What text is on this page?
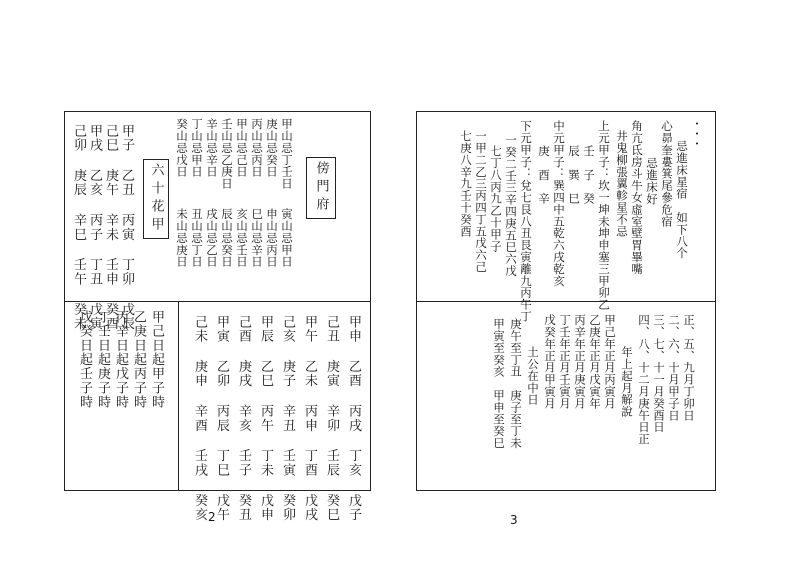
甲山忌丁壬日
庚山忌癸日
丙山忌丙日
甲山忌己日
壬山忌乙庚日
辛山忌辛日
丁山忌甲日
癸山忌戊日
寅山忌甲日
申山忌丙日
巳山忌辛日
亥山忌壬日
辰山忌癸日
戌山忌乙日
丑山忌丁日
未山忌庚日
傍門府
六十花甲
甲子 乙丑 丙寅 丁卯 戊辰
己巳 庚午 辛未 壬申 癸酉
甲戌 乙亥 丙子 丁丑 戊寅
己卯 庚辰 辛巳 壬午 癸未
甲申 乙酉 丙戌 丁亥 戊子
己丑 庚寅 辛卯 壬辰 癸巳
甲午 乙未 丙申 丁酉 戊戌
己亥 庚子 辛丑 壬寅 癸卯
甲辰 乙巳 丙午 丁未 戊申
己酉 庚戌 辛亥 壬子 癸丑
甲寅 乙卯 丙辰 丁巳 戊午
己未 庚申 辛酉 壬戌 癸亥
甲己日起甲子時
乙庚日起丙子時
丙辛日起戊子時
丁壬日起庚子時
戊癸日起壬子時
2
・・・
忌進床星宿　如下八个
心昴奎婁箕尾參危宿
忌進床好
角亢氐房斗牛女虛室壁胃畢嘴
井鬼柳張翼軫星不忌
上元甲子：坎一坤未坤申塞三甲卯乙
壬　子　癸
辰　巽　巳
中元甲子：巽四中五乾六戌乾亥
庚　酉　辛
下元甲子：兌七艮八丑艮寅離九丙午丁
一癸二壬三辛四庚五巳六戊
七丁八丙九乙十甲子
一甲二乙三丙四丁五戊六己
七庚八辛九壬十癸酉
正、五、九月丁卯日
二、六、十月甲子日
三、七、十一月癸酉日
四、八、十二月庚午日正
年上起月解說
甲己年正月丙寅月
乙庚年正月戊寅年
丙辛年正月庚寅月
丁壬年正月壬寅月
戊癸年正月甲寅月
土公在中日
庚午至丁丑　庚子至丁未
甲寅至癸亥　甲申至癸巳
3
